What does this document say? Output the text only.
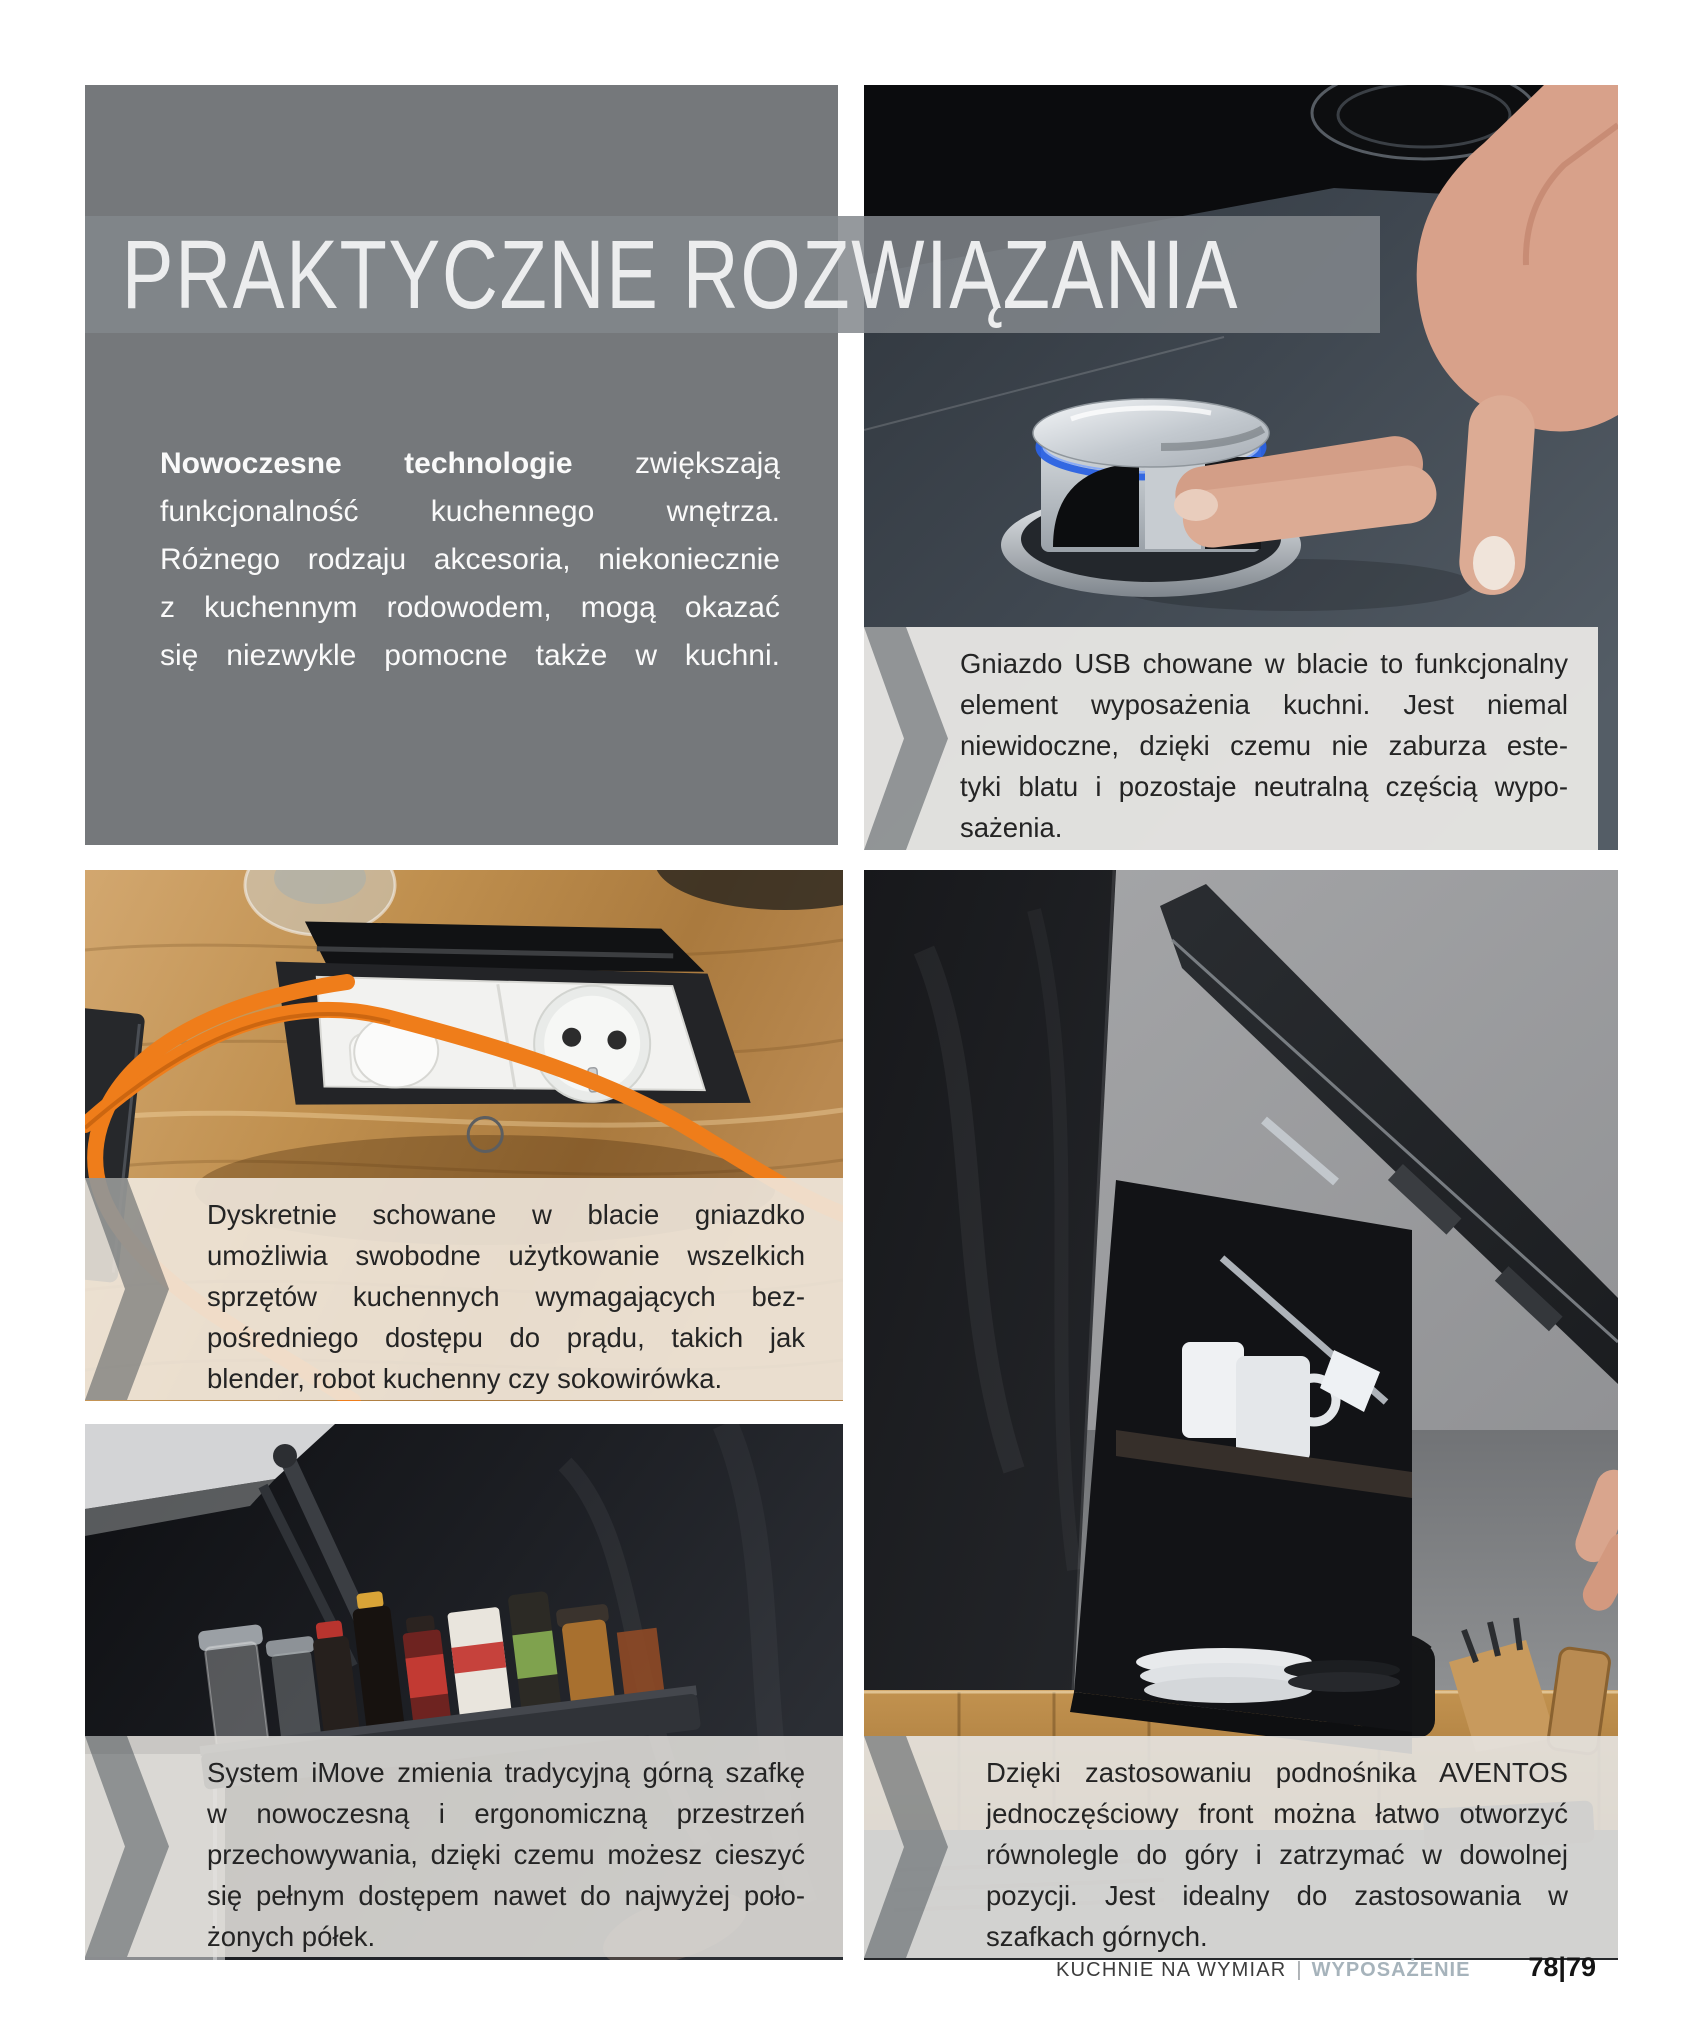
Nowoczesne technologie zwiększają
funkcjonalność kuchennego wnętrza.
Różnego rodzaju akcesoria, niekoniecznie
z kuchennym rodowodem, mogą okazać
się niezwykle pomocne także w kuchni.
PRAKTYCZNE ROZWIĄZANIA
Gniazdo USB chowane w blacie to funkcjonalny
element wyposażenia kuchni. Jest niemal
niewidoczne, dzięki czemu nie zaburza este-
tyki blatu i pozostaje neutralną częścią wypo-
sażenia.
Dyskretnie schowane w blacie gniazdko
umożliwia swobodne użytkowanie wszelkich
sprzętów kuchennych wymagających bez-
pośredniego dostępu do prądu, takich jak
blender, robot kuchenny czy sokowirówka.
System iMove zmienia tradycyjną górną szafkę
w nowoczesną i ergonomiczną przestrzeń
przechowywania, dzięki czemu możesz cieszyć
się pełnym dostępem nawet do najwyżej poło-
żonych półek.
Dzięki zastosowaniu podnośnika AVENTOS
jednoczęściowy front można łatwo otworzyć
równolegle do góry i zatrzymać w dowolnej
pozycji. Jest idealny do zastosowania w
szafkach górnych.
KUCHNIE NA WYMIAR | WYPOSAŻENIE 78|79
